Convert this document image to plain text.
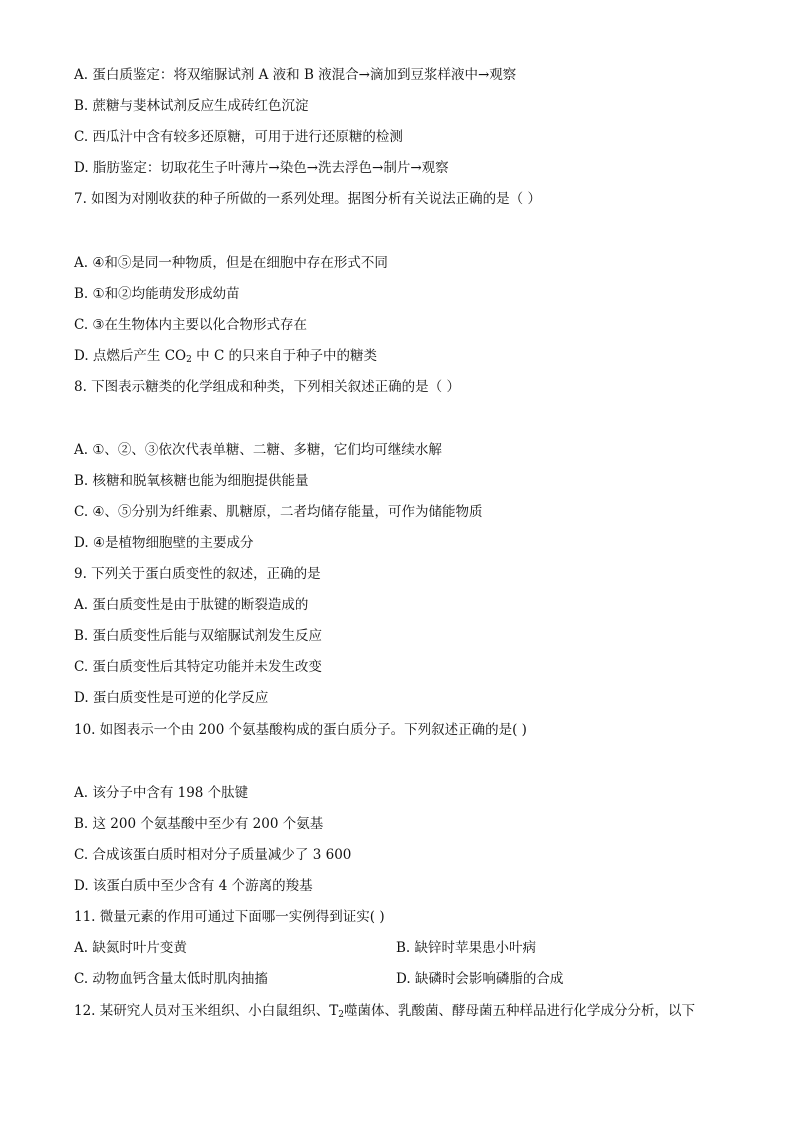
A. 蛋白质鉴定：将双缩脲试剂 A 液和 B 液混合→滴加到豆浆样液中→观察
B. 蔗糖与斐林试剂反应生成砖红色沉淀
C. 西瓜汁中含有较多还原糖，可用于进行还原糖的检测
D. 脂肪鉴定：切取花生子叶薄片→染色→洗去浮色→制片→观察
7. 如图为对刚收获的种子所做的一系列处理。据图分析有关说法正确的是（ ）
A. ④和⑤是同一种物质，但是在细胞中存在形式不同
B. ①和②均能萌发形成幼苗
C. ③在生物体内主要以化合物形式存在
D. 点燃后产生 $CO_2$ 中 C 的只来自于种子中的糖类
8. 下图表示糖类的化学组成和种类，下列相关叙述正确的是（ ）
A. ①、②、③依次代表单糖、二糖、多糖，它们均可继续水解
B. 核糖和脱氧核糖也能为细胞提供能量
C. ④、⑤分别为纤维素、肌糖原，二者均储存能量，可作为储能物质
D. ④是植物细胞壁的主要成分
9. 下列关于蛋白质变性的叙述，正确的是
A. 蛋白质变性是由于肽键的断裂造成的
B. 蛋白质变性后能与双缩脲试剂发生反应
C. 蛋白质变性后其特定功能并未发生改变
D. 蛋白质变性是可逆的化学反应
10. 如图表示一个由 200 个氨基酸构成的蛋白质分子。下列叙述正确的是( )
A. 该分子中含有 198 个肽键
B. 这 200 个氨基酸中至少有 200 个氨基
C. 合成该蛋白质时相对分子质量减少了 3 600
D. 该蛋白质中至少含有 4 个游离的羧基
11. 微量元素的作用可通过下面哪一实例得到证实( )
A. 缺氮时叶片变黄	B. 缺锌时苹果患小叶病
C. 动物血钙含量太低时肌肉抽搐	D. 缺磷时会影响磷脂的合成
12. 某研究人员对玉米组织、小白鼠组织、$T_2$噬菌体、乳酸菌、酵母菌五种样品进行化学成分分析，以下
